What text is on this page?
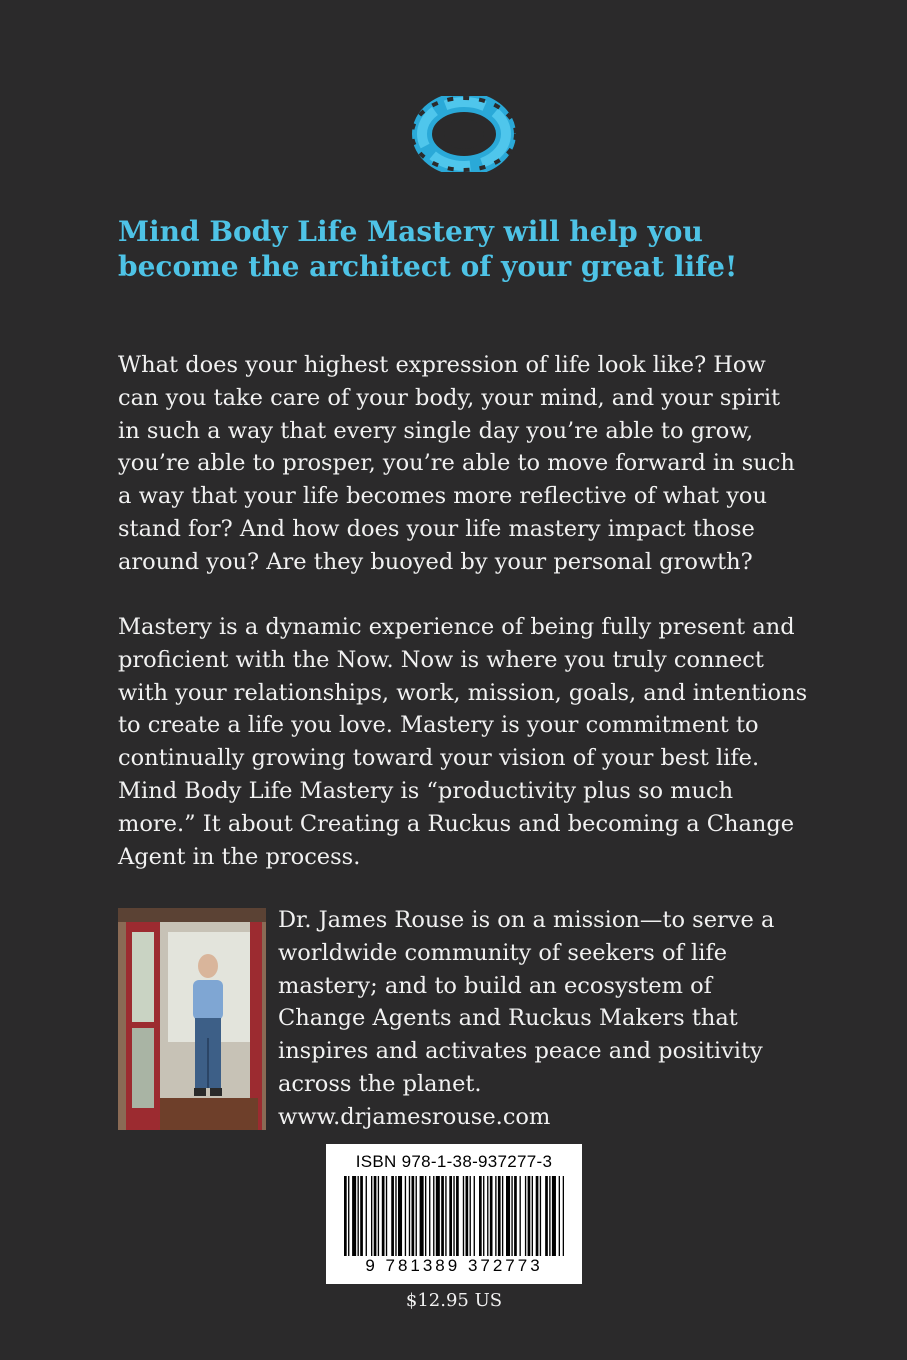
Mind Body Life Mastery will help you become the architect of your great life!

What does your highest expression of life look like? How can you take care of your body, your mind, and your spirit in such a way that every single day you’re able to grow, you’re able to prosper, you’re able to move forward in such a way that your life becomes more reflective of what you stand for? And how does your life mastery impact those around you? Are they buoyed by your personal growth?

Mastery is a dynamic experience of being fully present and proficient with the Now. Now is where you truly connect with your relationships, work, mission, goals, and intentions to create a life you love. Mastery is your commitment to continually growing toward your vision of your best life. Mind Body Life Mastery is “productivity plus so much more.” It about Creating a Ruckus and becoming a Change Agent in the process.

Dr. James Rouse is on a mission—to serve a worldwide community of seekers of life mastery; and to build an ecosystem of Change Agents and Ruckus Makers that inspires and activates peace and positivity across the planet.
www.drjamesrouse.com

ISBN 978-1-38-937277-3
9 781389 372773
$12.95 US
